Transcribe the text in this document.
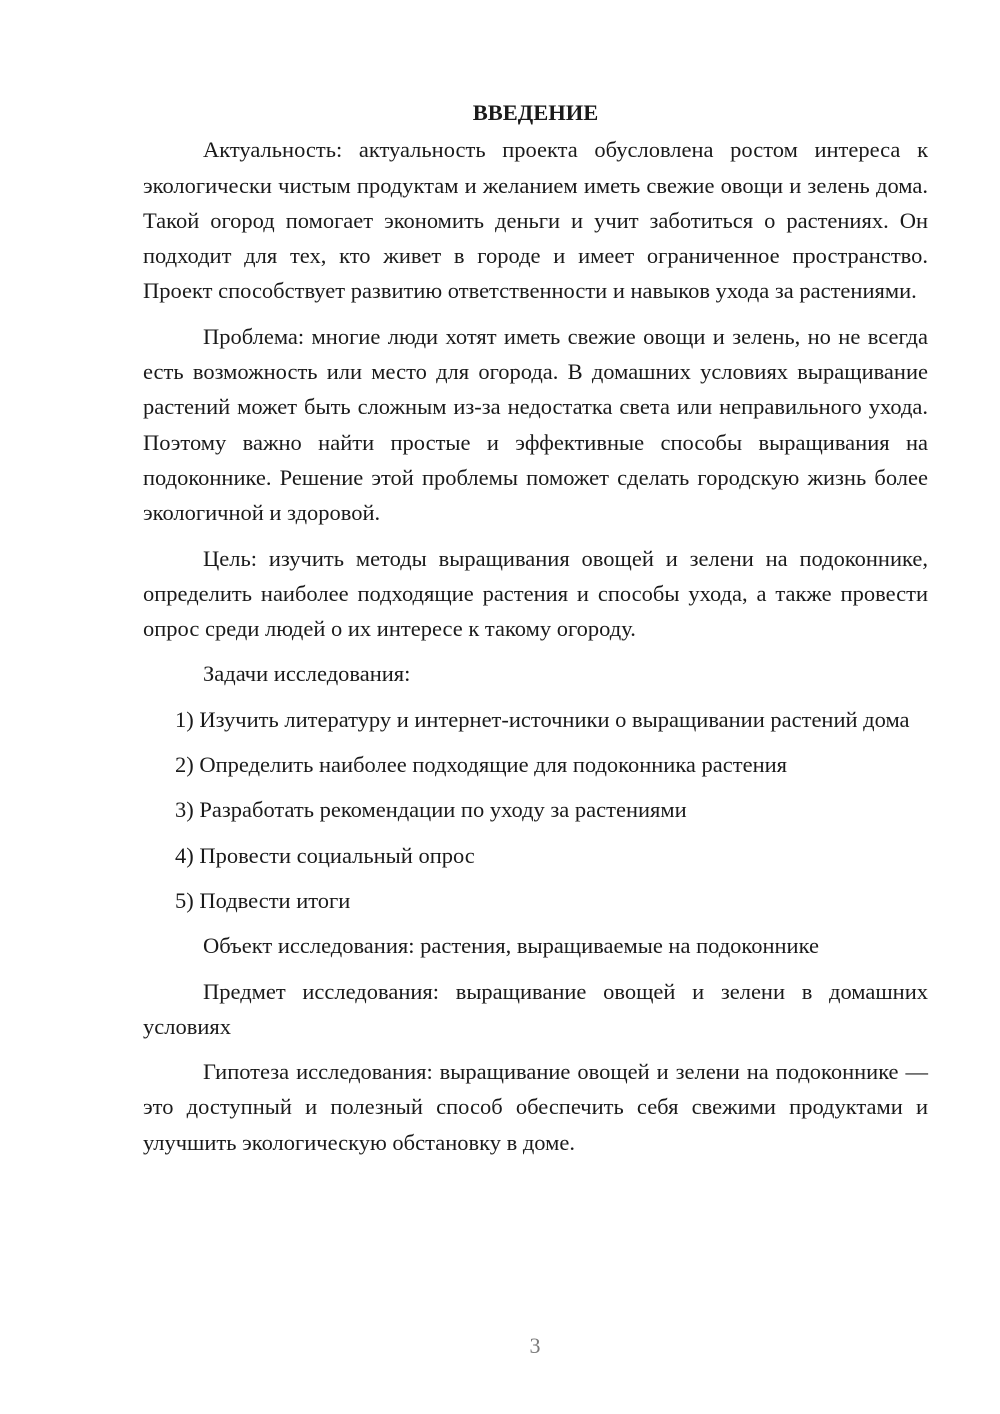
ВВЕДЕНИЕ

Актуальность: актуальность проекта обусловлена ростом интереса к экологически чистым продуктам и желанием иметь свежие овощи и зелень дома. Такой огород помогает экономить деньги и учит заботиться о растениях. Он подходит для тех, кто живет в городе и имеет ограниченное пространство. Проект способствует развитию ответственности и навыков ухода за растениями.

Проблема: многие люди хотят иметь свежие овощи и зелень, но не всегда есть возможность или место для огорода. В домашних условиях выращивание растений может быть сложным из-за недостатка света или неправильного ухода. Поэтому важно найти простые и эффективные способы выращивания на подоконнике. Решение этой проблемы поможет сделать городскую жизнь более экологичной и здоровой.

Цель: изучить методы выращивания овощей и зелени на подоконнике, определить наиболее подходящие растения и способы ухода, а также провести опрос среди людей о их интересе к такому огороду.

Задачи исследования:

1) Изучить литературу и интернет-источники о выращивании растений дома

2) Определить наиболее подходящие для подоконника растения

3) Разработать рекомендации по уходу за растениями

4) Провести социальный опрос

5) Подвести итоги

Объект исследования: растения, выращиваемые на подоконнике

Предмет исследования: выращивание овощей и зелени в домашних условиях

Гипотеза исследования: выращивание овощей и зелени на подоконнике — это доступный и полезный способ обеспечить себя свежими продуктами и улучшить экологическую обстановку в доме.

3
